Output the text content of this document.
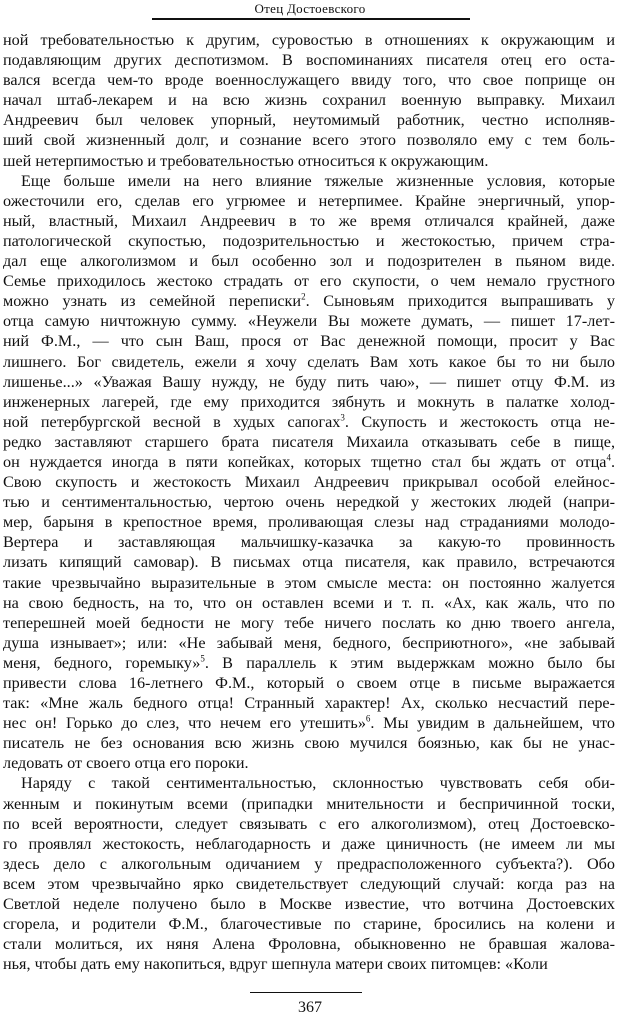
Отец Достоевского
ной требовательностью к другим, суровостью в отношениях к окружающим и
подавляющим других деспотизмом. В воспоминаниях писателя отец его оста-
вался всегда чем-то вроде военнослужащего ввиду того, что свое поприще он
начал штаб-лекарем и на всю жизнь сохранил военную выправку. Михаил
Андреевич был человек упорный, неутомимый работник, честно исполняв-
ший свой жизненный долг, и сознание всего этого позволяло ему с тем боль-
шей нетерпимостью и требовательностью относиться к окружающим.
Еще больше имели на него влияние тяжелые жизненные условия, которые
ожесточили его, сделав его угрюмее и нетерпимее. Крайне энергичный, упор-
ный, властный, Михаил Андреевич в то же время отличался крайней, даже
патологической скупостью, подозрительностью и жестокостью, причем стра-
дал еще алкоголизмом и был особенно зол и подозрителен в пьяном виде.
Семье приходилось жестоко страдать от его скупости, о чем немало грустного
можно узнать из семейной переписки$^2$. Сыновьям приходится выпрашивать у
отца самую ничтожную сумму. «Неужели Вы можете думать, — пишет 17-лет-
ний Ф.М., — что сын Ваш, прося от Вас денежной помощи, просит у Вас
лишнего. Бог свидетель, ежели я хочу сделать Вам хоть какое бы то ни было
лишенье...» «Уважая Вашу нужду, не буду пить чаю», — пишет отцу Ф.М. из
инженерных лагерей, где ему приходится зябнуть и мокнуть в палатке холод-
ной петербургской весной в худых сапогах$^3$. Скупость и жестокость отца не-
редко заставляют старшего брата писателя Михаила отказывать себе в пище,
он нуждается иногда в пяти копейках, которых тщетно стал бы ждать от отца$^4$.
Свою скупость и жестокость Михаил Андреевич прикрывал особой елейнос-
тью и сентиментальностью, чертою очень нередкой у жестоких людей (напри-
мер, барыня в крепостное время, проливающая слезы над страданиями молодо-
Вертера и заставляющая мальчишку-казачка за какую-то провинность
лизать кипящий самовар). В письмах отца писателя, как правило, встречаются
такие чрезвычайно выразительные в этом смысле места: он постоянно жалуется
на свою бедность, на то, что он оставлен всеми и т. п. «Ах, как жаль, что по
теперешней моей бедности не могу тебе ничего послать ко дню твоего ангела,
душа изнывает»; или: «Не забывай меня, бедного, бесприютного», «не забывай
меня, бедного, горемыку»$^5$. В параллель к этим выдержкам можно было бы
привести слова 16-летнего Ф.М., который о своем отце в письме выражается
так: «Мне жаль бедного отца! Странный характер! Ах, сколько несчастий пере-
нес он! Горько до слез, что нечем его утешить»$^6$. Мы увидим в дальнейшем, что
писатель не без основания всю жизнь свою мучился боязнью, как бы не унас-
ледовать от своего отца его пороки.
Наряду с такой сентиментальностью, склонностью чувствовать себя оби-
женным и покинутым всеми (припадки мнительности и беспричинной тоски,
по всей вероятности, следует связывать с его алкоголизмом), отец Достоевско-
го проявлял жестокость, неблагодарность и даже циничность (не имеем ли мы
здесь дело с алкогольным одичанием у предрасположенного субъекта?). Обо
всем этом чрезвычайно ярко свидетельствует следующий случай: когда раз на
Светлой неделе получено было в Москве известие, что вотчина Достоевских
сгорела, и родители Ф.М., благочестивые по старине, бросились на колени и
стали молиться, их няня Алена Фроловна, обыкновенно не бравшая жалова-
нья, чтобы дать ему накопиться, вдруг шепнула матери своих питомцев: «Коли
367
